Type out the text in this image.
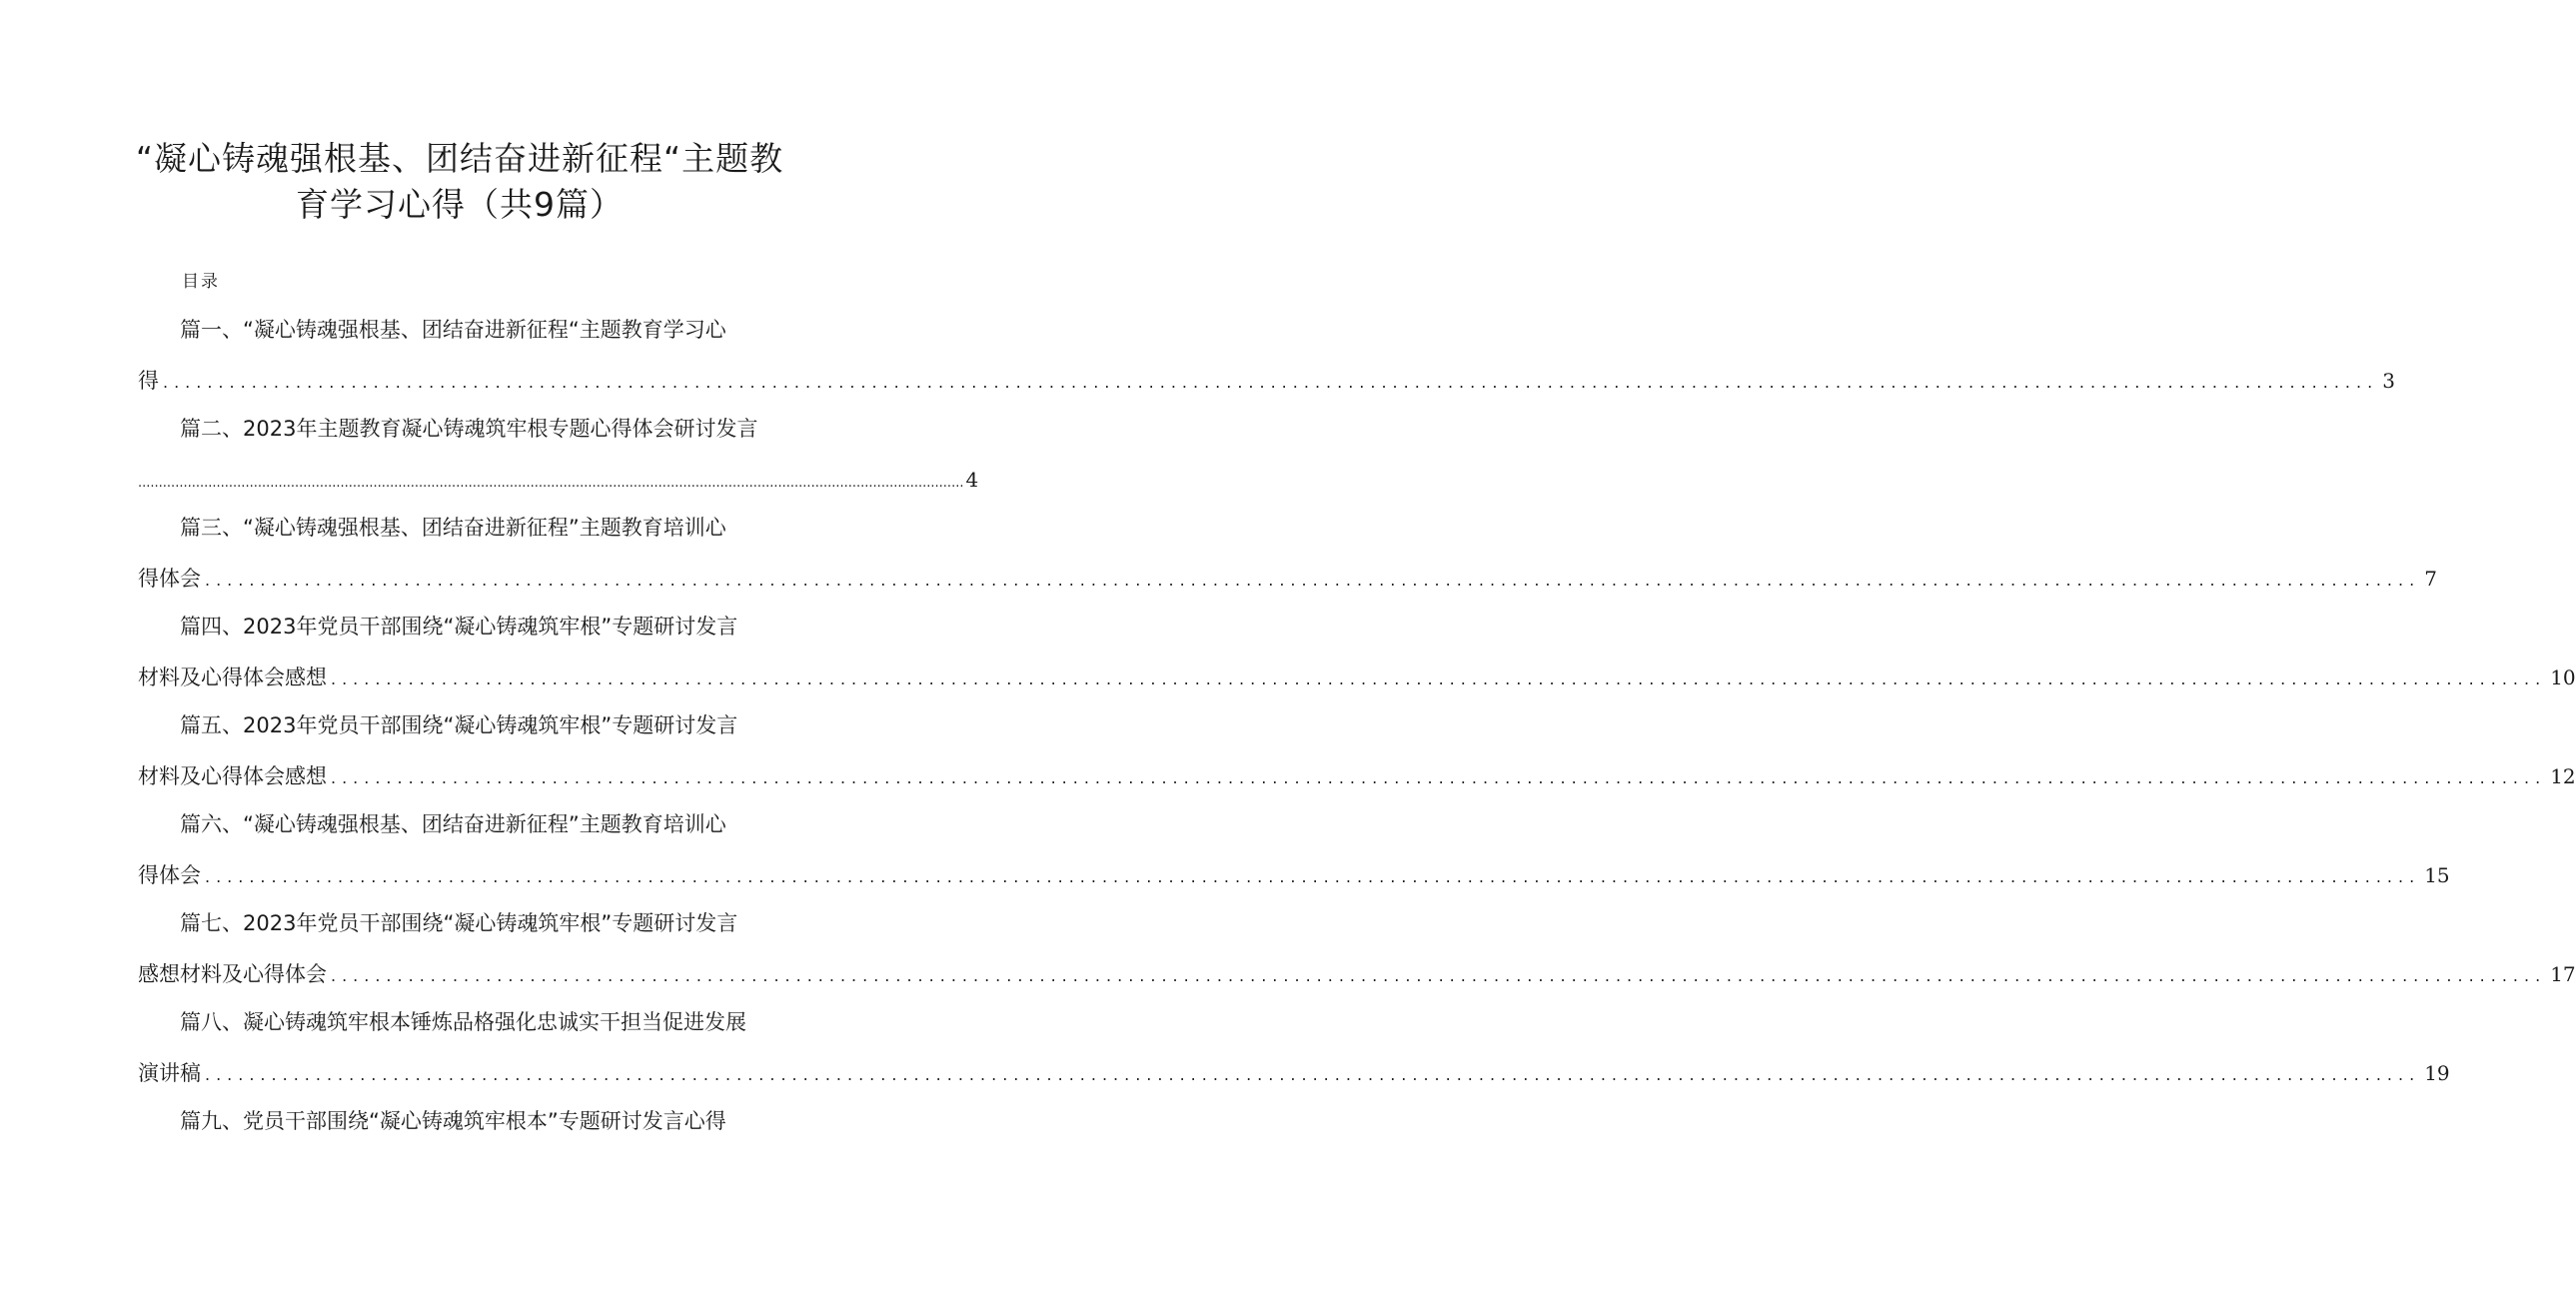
“凝心铸魂强根基、团结奋进新征程“主题教
育学习心得（共9篇）
目录
篇一、“凝心铸魂强根基、团结奋进新征程“主题教育学习心
得 ........................................................................................................................................................................................................ 3
篇二、2023年主题教育凝心铸魂筑牢根专题心得体会研讨发言
........................................................................................................................................................................................................ 4
篇三、“凝心铸魂强根基、团结奋进新征程”主题教育培训心
得体会 ........................................................................................................................................................................................................ 7
篇四、2023年党员干部围绕“凝心铸魂筑牢根”专题研讨发言
材料及心得体会感想 ........................................................................................................................................................................................................ 10
篇五、2023年党员干部围绕“凝心铸魂筑牢根”专题研讨发言
材料及心得体会感想 ........................................................................................................................................................................................................ 12
篇六、“凝心铸魂强根基、团结奋进新征程”主题教育培训心
得体会 ........................................................................................................................................................................................................ 15
篇七、2023年党员干部围绕“凝心铸魂筑牢根”专题研讨发言
感想材料及心得体会 ........................................................................................................................................................................................................ 17
篇八、凝心铸魂筑牢根本锤炼品格强化忠诚实干担当促进发展
演讲稿 ........................................................................................................................................................................................................ 19
篇九、党员干部围绕“凝心铸魂筑牢根本”专题研讨发言心得
